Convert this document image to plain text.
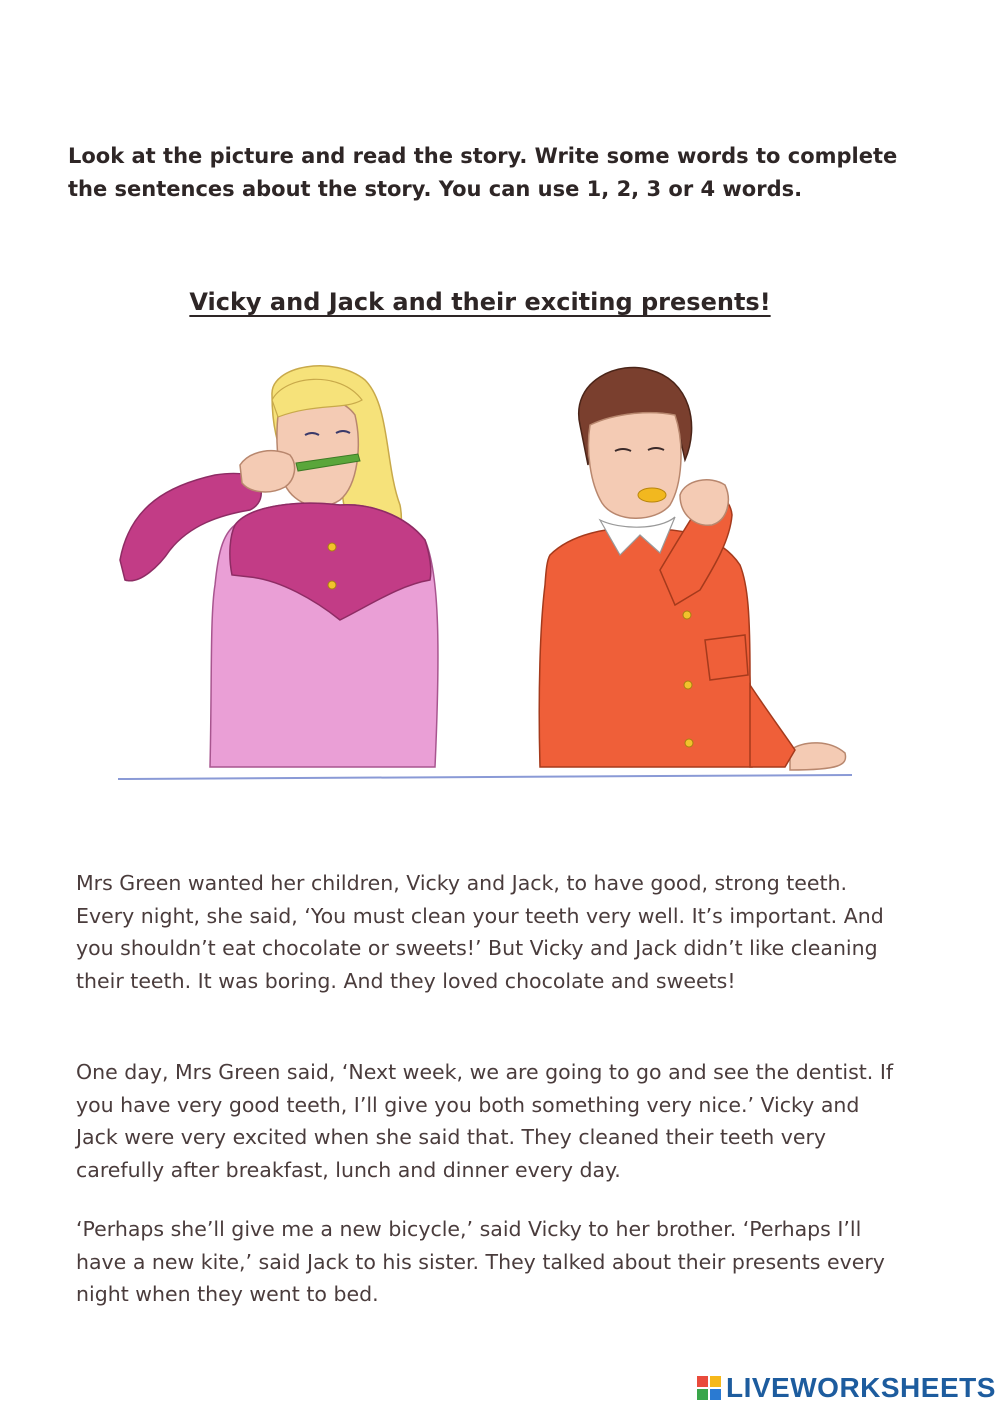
Look at the picture and read the story. Write some words to complete the sentences about the story. You can use 1, 2, 3 or 4 words.

Vicky and Jack and their exciting presents!

Mrs Green wanted her children, Vicky and Jack, to have good, strong teeth. Every night, she said, ‘You must clean your teeth very well. It’s important. And you shouldn’t eat chocolate or sweets!’ But Vicky and Jack didn’t like cleaning their teeth. It was boring. And they loved chocolate and sweets!

One day, Mrs Green said, ‘Next week, we are going to go and see the dentist. If you have very good teeth, I’ll give you both something very nice.’ Vicky and Jack were very excited when she said that. They cleaned their teeth very carefully after breakfast, lunch and dinner every day.

‘Perhaps she’ll give me a new bicycle,’ said Vicky to her brother. ‘Perhaps I’ll have a new kite,’ said Jack to his sister. They talked about their presents every night when they went to bed.

LIVEWORKSHEETS
